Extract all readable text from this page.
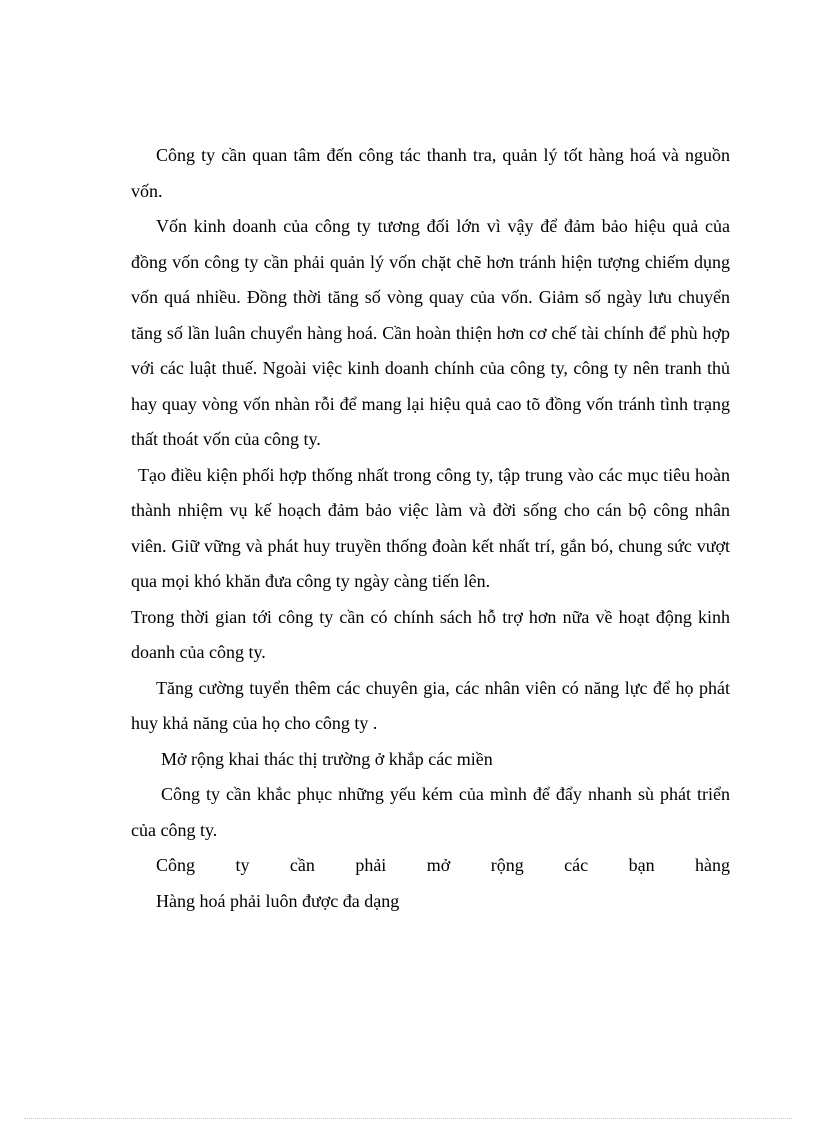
Công ty cần quan tâm đến công tác thanh tra, quản lý tốt hàng hoá và nguồn vốn.

Vốn kinh doanh của công ty tương đối lớn vì vậy để đảm bảo hiệu quả của đồng vốn công ty cần phải quản lý vốn chặt chẽ hơn tránh hiện tượng chiếm dụng vốn quá nhiều. Đồng thời tăng số vòng quay của vốn. Giảm số ngày lưu chuyển tăng số lần luân chuyển hàng hoá. Cần hoàn thiện hơn cơ chế tài chính để phù hợp với các luật thuế. Ngoài việc kinh doanh chính của công ty, công ty nên tranh thủ hay quay vòng vốn nhàn rỗi để mang lại hiệu quả cao tõ đồng vốn tránh tình trạng thất thoát vốn của công ty.

Tạo điều kiện phối hợp thống nhất trong công ty, tập trung vào các mục tiêu hoàn thành nhiệm vụ kế hoạch đảm bảo việc làm và đời sống cho cán bộ công nhân viên. Giữ vững và phát huy truyền thống đoàn kết nhất trí, gắn bó, chung sức vượt qua mọi khó khăn đưa công ty ngày càng tiến lên.

Trong thời gian tới công ty cần có chính sách hỗ trợ hơn nữa về hoạt động kinh doanh của công ty.

Tăng cường tuyển thêm các chuyên gia, các nhân viên có năng lực để họ phát huy khả năng của họ cho công ty .

Mở rộng khai thác thị trường ở khắp các miền

Công ty cần khắc phục những yếu kém của mình để đẩy nhanh sù phát triển của công ty.

Công ty cần phải mở rộng các bạn hàng

Hàng hoá phải luôn được đa dạng
